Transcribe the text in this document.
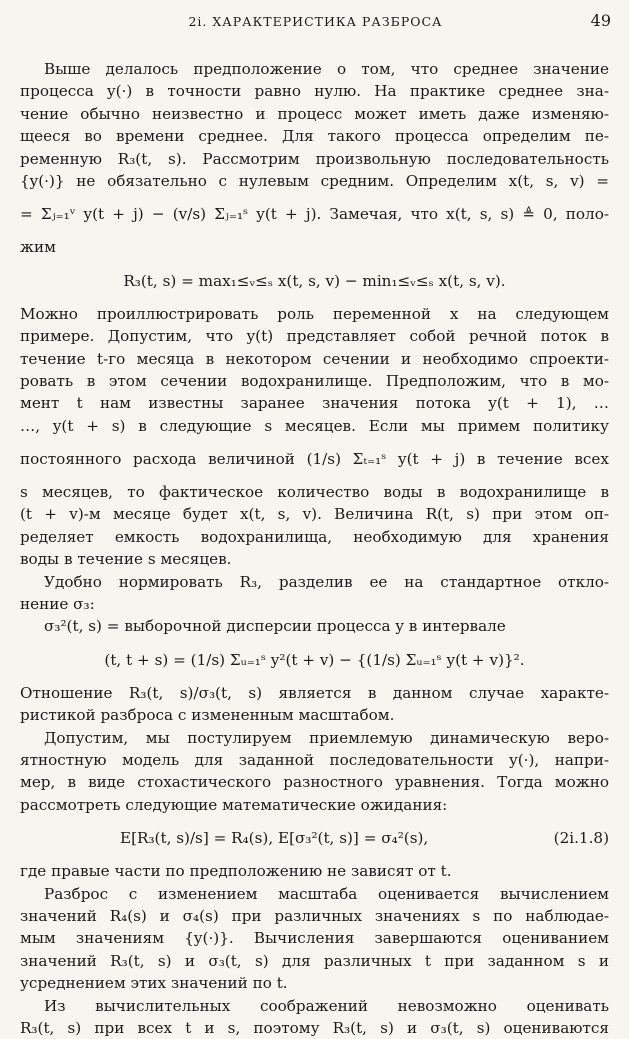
2i. ХАРАКТЕРИСТИКА РАЗБРОСА	49
Выше делалось предположение о том, что среднее значение
процесса y(·) в точности равно нулю. На практике среднее зна-
чение обычно неизвестно и процесс может иметь даже изменяю-
щееся во времени среднее. Для такого процесса определим пе-
ременную R₃(t, s). Рассмотрим произвольную последовательность
{y(·)} не обязательно с нулевым средним. Определим x(t, s, v) =
= Σⱼ₌₁ᵛ y(t + j) − (v/s) Σⱼ₌₁ˢ y(t + j). Замечая, что x(t, s, s) ≜ 0, поло-
жим
R₃(t, s) = max₁≤ᵥ≤ₛ x(t, s, v) − min₁≤ᵥ≤ₛ x(t, s, v).
Можно проиллюстрировать роль переменной x на следующем
примере. Допустим, что y(t) представляет собой речной поток в
течение t-го месяца в некотором сечении и необходимо спроекти-
ровать в этом сечении водохранилище. Предположим, что в мо-
мент t нам известны заранее значения потока y(t + 1), …
…, y(t + s) в следующие s месяцев. Если мы примем политику
постоянного расхода величиной (1/s) Σₜ₌₁ˢ y(t + j) в течение всех
s месяцев, то фактическое количество воды в водохранилище в
(t + v)-м месяце будет x(t, s, v). Величина R(t, s) при этом оп-
ределяет емкость водохранилища, необходимую для хранения
воды в течение s месяцев.
Удобно нормировать R₃, разделив ее на стандартное откло-
нение σ₃:
σ₃²(t, s) = выборочной дисперсии процесса y в интервале
(t, t + s) = (1/s) Σᵤ₌₁ˢ y²(t + v) − {(1/s) Σᵤ₌₁ˢ y(t + v)}².
Отношение R₃(t, s)/σ₃(t, s) является в данном случае характе-
ристикой разброса с измененным масштабом.
Допустим, мы постулируем приемлемую динамическую веро-
ятностную модель для заданной последовательности y(·), напри-
мер, в виде стохастического разностного уравнения. Тогда можно
рассмотреть следующие математические ожидания:
E[R₃(t, s)/s] = R₄(s), E[σ₃²(t, s)] = σ₄²(s),	(2i.1.8)
где правые части по предположению не зависят от t.
Разброс с изменением масштаба оценивается вычислением
значений R₄(s) и σ₄(s) при различных значениях s по наблюдае-
мым значениям {y(·)}. Вычисления завершаются оцениванием
значений R₃(t, s) и σ₃(t, s) для различных t при заданном s и
усреднением этих значений по t.
Из вычислительных соображений невозможно оценивать
R₃(t, s) при всех t и s, поэтому R₃(t, s) и σ₃(t, s) оцениваются
